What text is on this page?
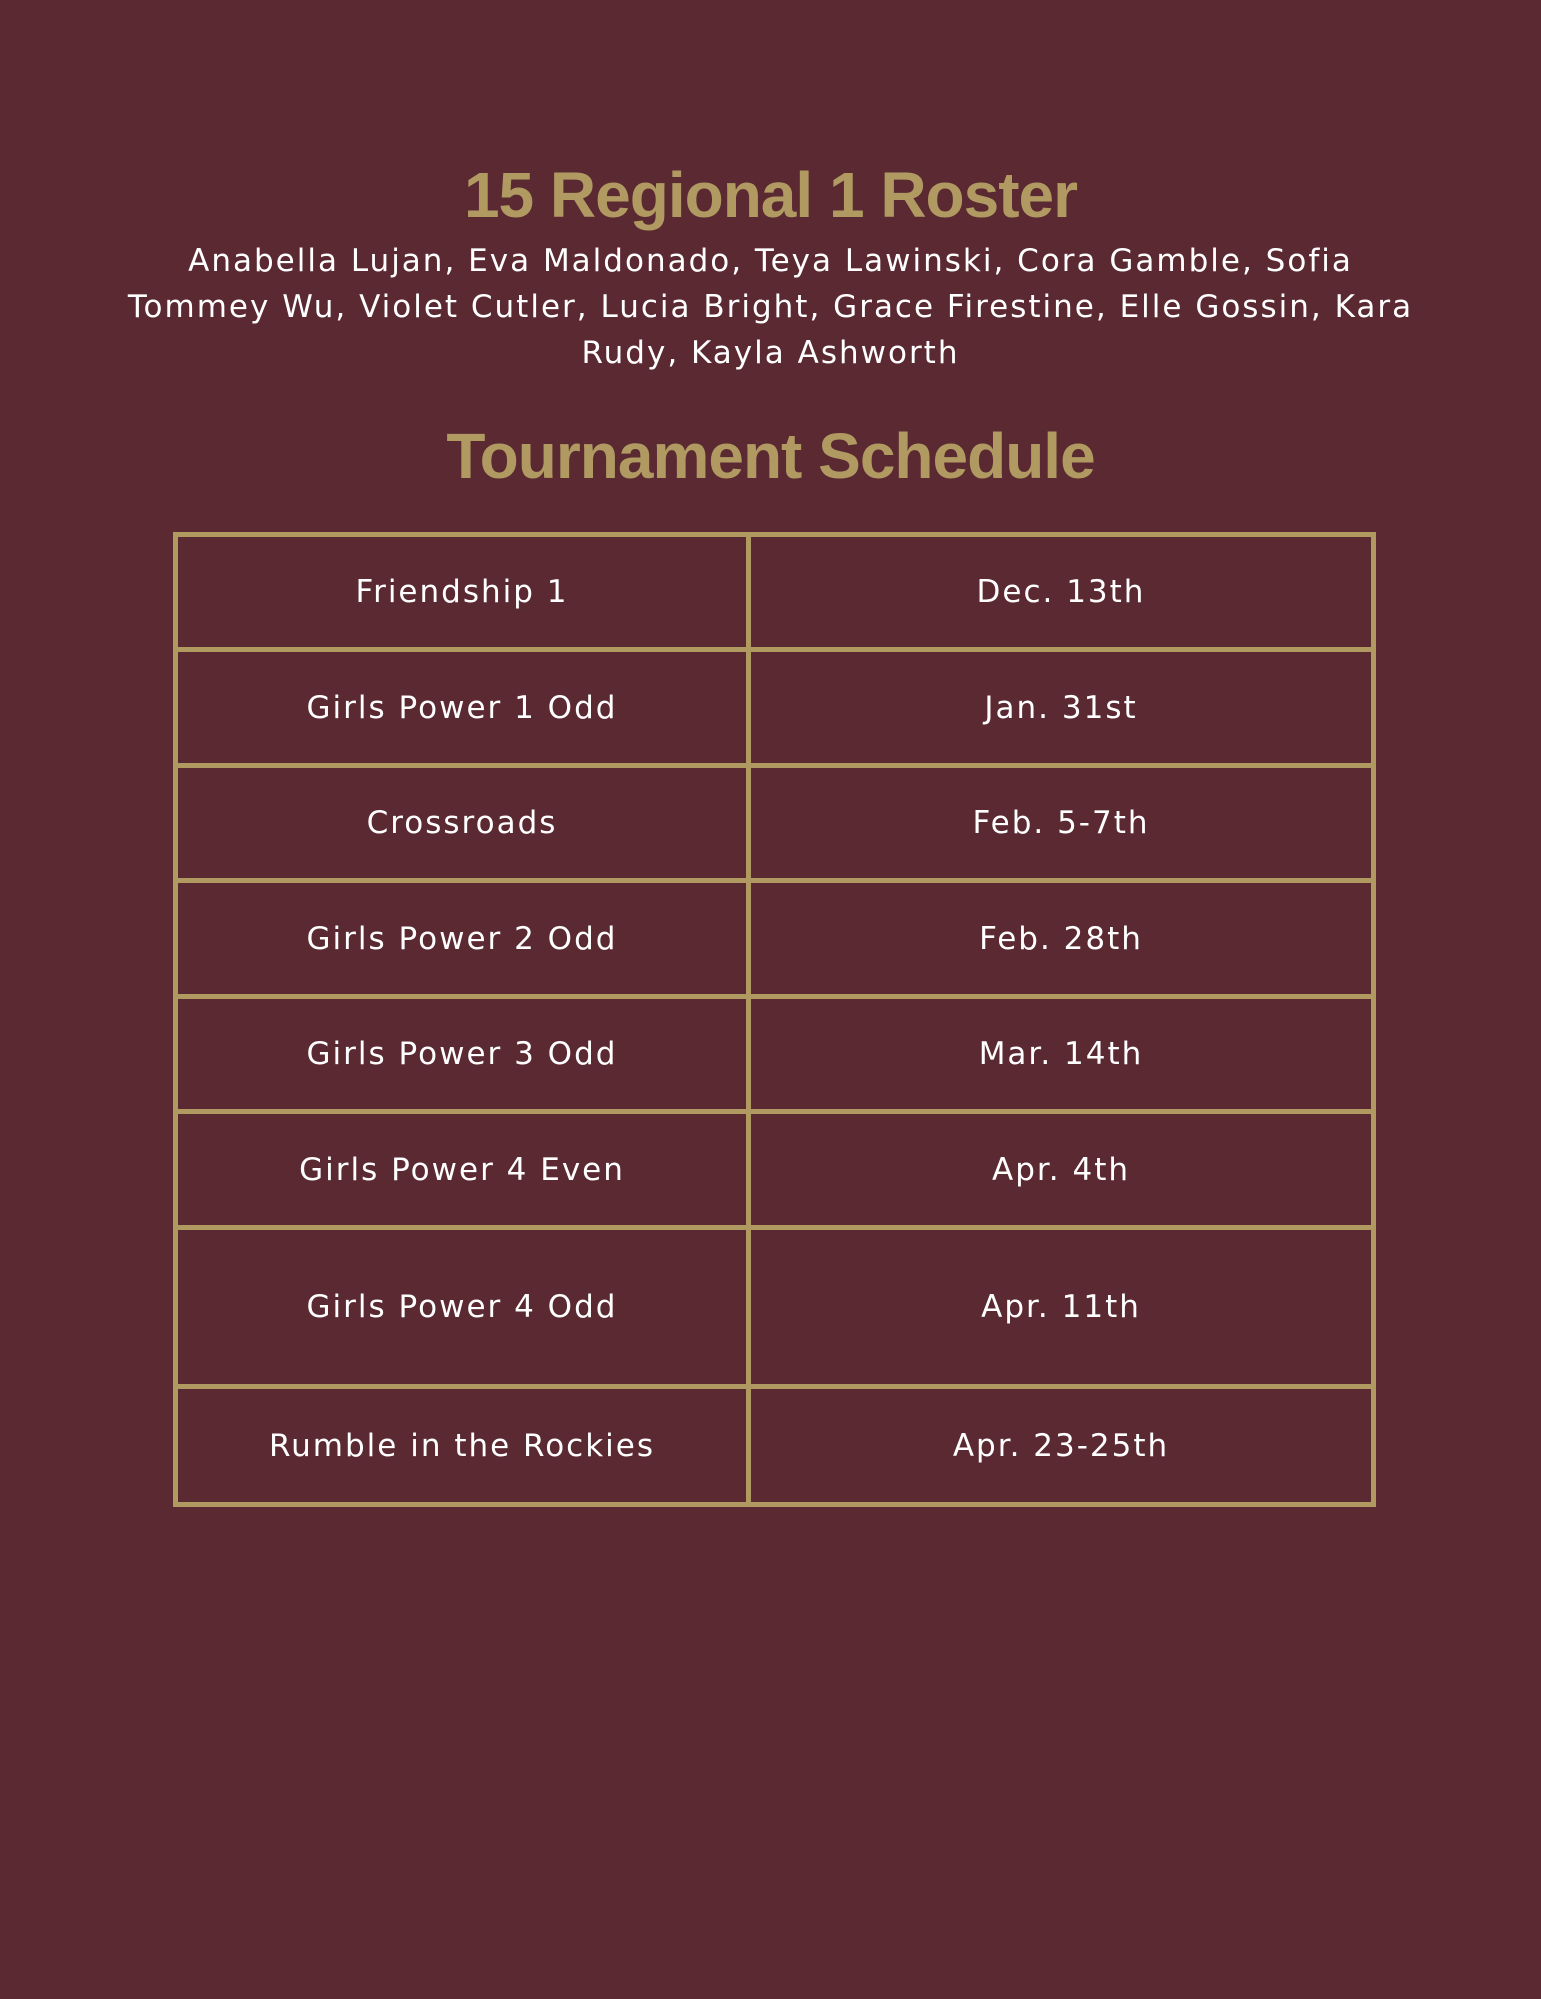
15 Regional 1 Roster

Anabella Lujan, Eva Maldonado, Teya Lawinski, Cora Gamble, Sofia Tommey Wu, Violet Cutler, Lucia Bright, Grace Firestine, Elle Gossin, Kara Rudy, Kayla Ashworth

Tournament Schedule
Friendship 1	Dec. 13th
Girls Power 1 Odd	Jan. 31st
Crossroads	Feb. 5-7th
Girls Power 2 Odd	Feb. 28th
Girls Power 3 Odd	Mar. 14th
Girls Power 4 Even	Apr. 4th
Girls Power 4 Odd	Apr. 11th
Rumble in the Rockies	Apr. 23-25th
